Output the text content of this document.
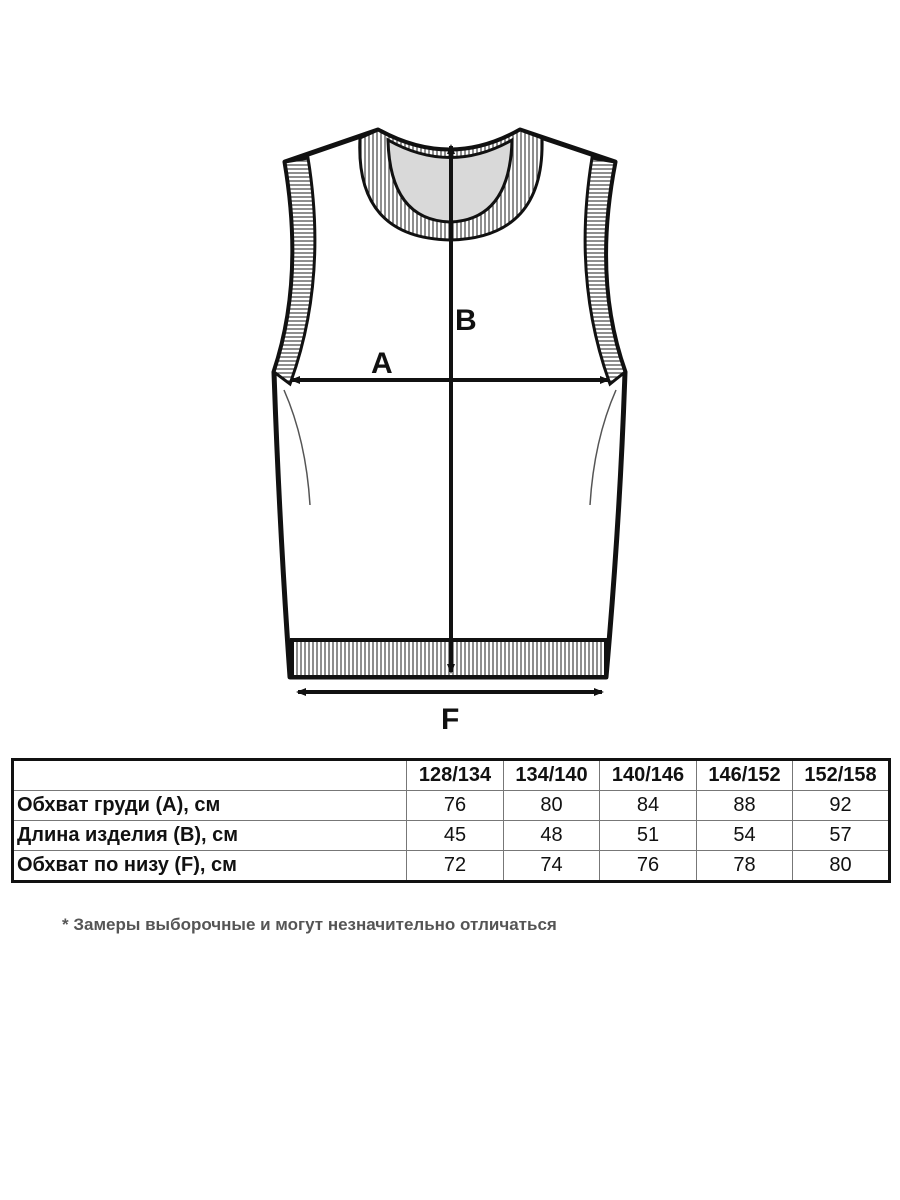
A
B
F
	128/134	134/140	140/146	146/152	152/158
Обхват груди (A), см	76	80	84	88	92
Длина изделия (B), см	45	48	51	54	57
Обхват по низу (F), см	72	74	76	78	80
* Замеры выборочные и могут незначительно отличаться
